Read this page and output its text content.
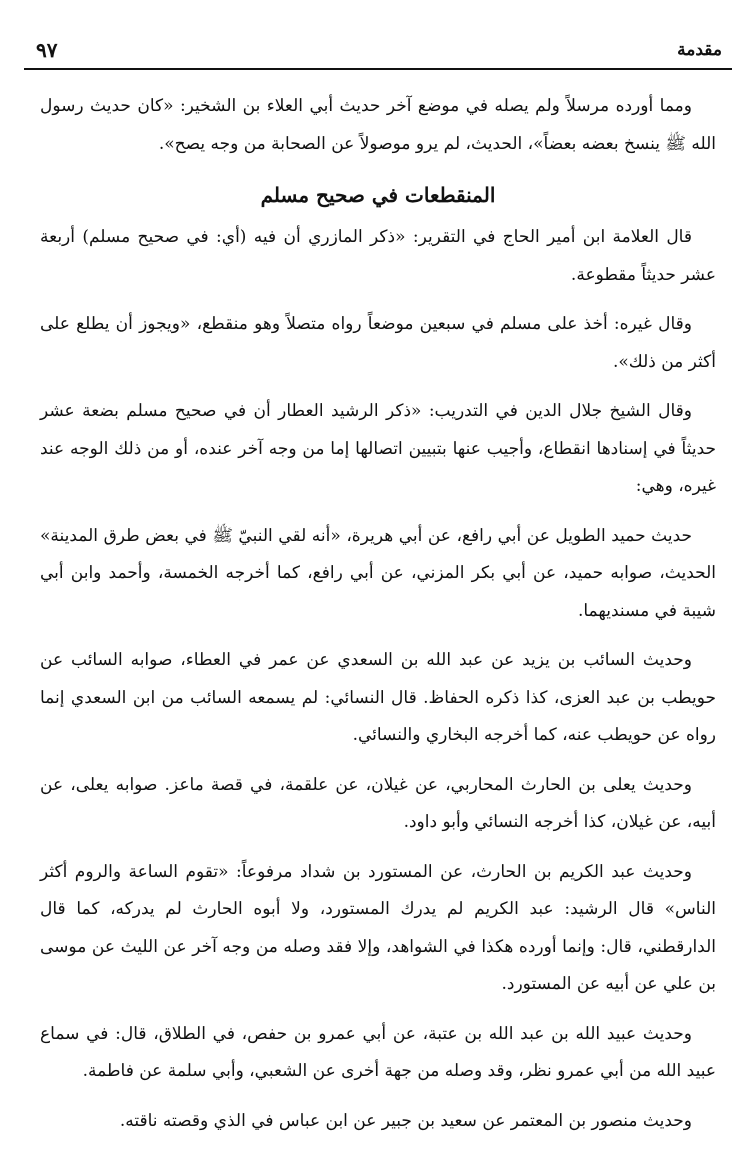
٩٧	مقدمة

ومما أورده مرسلاً ولم يصله في موضع آخر حديث أبي العلاء بن الشخير: «كان حديث رسول الله ﷺ ينسخ بعضه بعضاً»، الحديث، لم يرو موصولاً عن الصحابة من وجه يصح».

المنقطعات في صحيح مسلم

قال العلامة ابن أمير الحاج في التقرير: «ذكر المازري أن فيه (أي: في صحيح مسلم) أربعة عشر حديثاً مقطوعة.

وقال غيره: أخذ على مسلم في سبعين موضعاً رواه متصلاً وهو منقطع، «ويجوز أن يطلع على أكثر من ذلك».

وقال الشيخ جلال الدين في التدريب: «ذكر الرشيد العطار أن في صحيح مسلم بضعة عشر حديثاً في إسنادها انقطاع، وأجيب عنها بتبيين اتصالها إما من وجه آخر عنده، أو من ذلك الوجه عند غيره، وهي:

حديث حميد الطويل عن أبي رافع، عن أبي هريرة، «أنه لقي النبيّ ﷺ في بعض طرق المدينة» الحديث، صوابه حميد، عن أبي بكر المزني، عن أبي رافع، كما أخرجه الخمسة، وأحمد وابن أبي شيبة في مسنديهما.

وحديث السائب بن يزيد عن عبد الله بن السعدي عن عمر في العطاء، صوابه السائب عن حويطب بن عبد العزى، كذا ذكره الحفاظ. قال النسائي: لم يسمعه السائب من ابن السعدي إنما رواه عن حويطب عنه، كما أخرجه البخاري والنسائي.

وحديث يعلى بن الحارث المحاربي، عن غيلان، عن علقمة، في قصة ماعز. صوابه يعلى، عن أبيه، عن غيلان، كذا أخرجه النسائي وأبو داود.

وحديث عبد الكريم بن الحارث، عن المستورد بن شداد مرفوعاً: «تقوم الساعة والروم أكثر الناس» قال الرشيد: عبد الكريم لم يدرك المستورد، ولا أبوه الحارث لم يدركه، كما قال الدارقطني، قال: وإنما أورده هكذا في الشواهد، وإلا فقد وصله من وجه آخر عن الليث عن موسى بن علي عن أبيه عن المستورد.

وحديث عبيد الله بن عبد الله بن عتبة، عن أبي عمرو بن حفص، في الطلاق، قال: في سماع عبيد الله من أبي عمرو نظر، وقد وصله من جهة أخرى عن الشعبي، وأبي سلمة عن فاطمة.

وحديث منصور بن المعتمر عن سعيد بن جبير عن ابن عباس في الذي وقصته ناقته.
